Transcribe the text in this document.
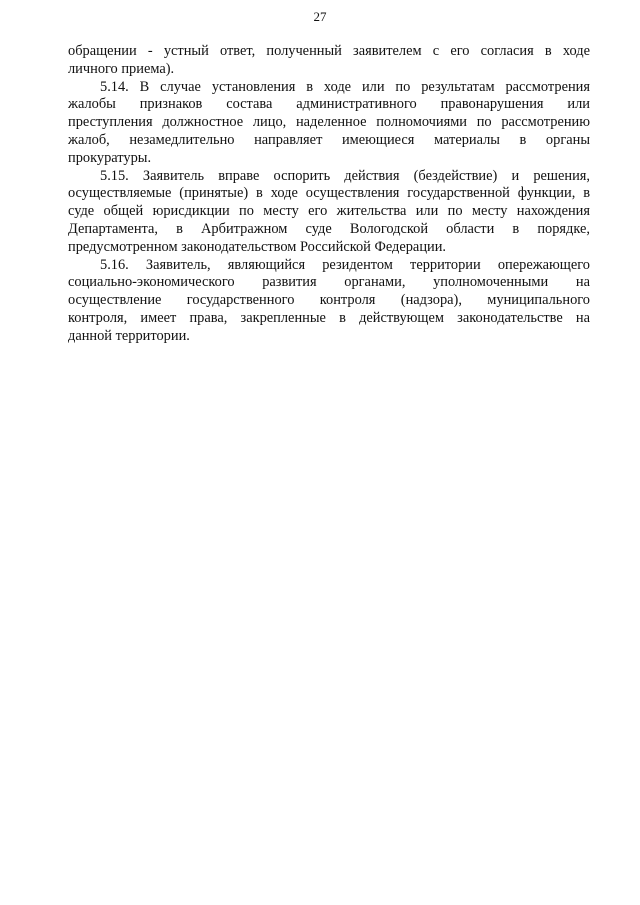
27
обращении - устный ответ, полученный заявителем с его согласия в ходе
личного приема).
5.14. В случае установления в ходе или по результатам рассмотрения
жалобы признаков состава административного правонарушения или
преступления должностное лицо, наделенное полномочиями по рассмотрению
жалоб, незамедлительно направляет имеющиеся материалы в органы
прокуратуры.
5.15. Заявитель вправе оспорить действия (бездействие) и решения,
осуществляемые (принятые) в ходе осуществления государственной функции, в
суде общей юрисдикции по месту его жительства или по месту нахождения
Департамента, в Арбитражном суде Вологодской области в порядке,
предусмотренном законодательством Российской Федерации.
5.16. Заявитель, являющийся резидентом территории опережающего
социально-экономического развития органами, уполномоченными на
осуществление государственного контроля (надзора), муниципального
контроля, имеет права, закрепленные в действующем законодательстве на
данной территории.
